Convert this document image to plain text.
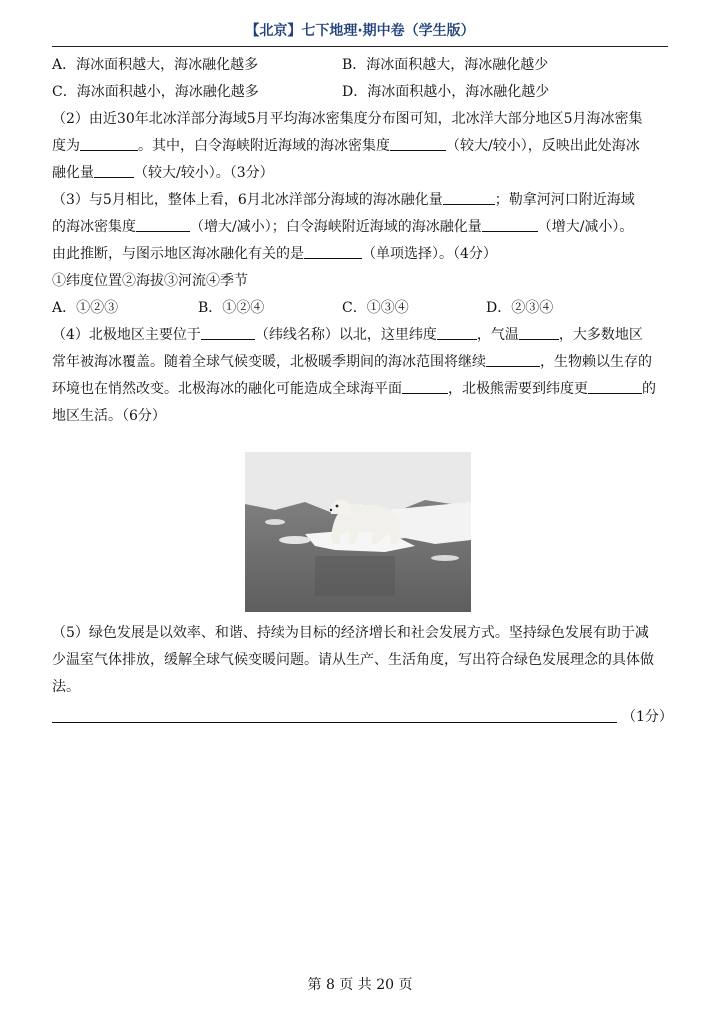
【北京】七下地理·期中卷（学生版）
A．海冰面积越大，海冰融化越多	B．海冰面积越大，海冰融化越少
C．海冰面积越小，海冰融化越多	D．海冰面积越小，海冰融化越少
（2）由近30年北冰洋部分海域5月平均海冰密集度分布图可知，北冰洋大部分地区5月海冰密集
度为	。其中，白令海峡附近海域的海冰密集度	（较大/较小），反映出此处海冰
融化量	（较大/较小）。（3分）
（3）与5月相比，整体上看，6月北冰洋部分海域的海冰融化量	；勒拿河河口附近海域
的海冰密集度	（增大/减小）；白令海峡附近海域的海冰融化量	（增大/减小）。
由此推断，与图示地区海冰融化有关的是	（单项选择）。（4分）
①纬度位置②海拔③河流④季节
A．①②③	B．①②④	C．①③④	D．②③④
（4）北极地区主要位于	（纬线名称）以北，这里纬度	，气温	，大多数地区
常年被海冰覆盖。随着全球气候变暖，北极暖季期间的海冰范围将继续	，生物赖以生存的
环境也在悄然改变。北极海冰的融化可能造成全球海平面	，北极熊需要到纬度更	的
地区生活。（6分）
（5）绿色发展是以效率、和谐、持续为目标的经济增长和社会发展方式。坚持绿色发展有助于减
少温室气体排放，缓解全球气候变暖问题。请从生产、生活角度，写出符合绿色发展理念的具体做
法。
（1分）
第 8 页 共 20 页
